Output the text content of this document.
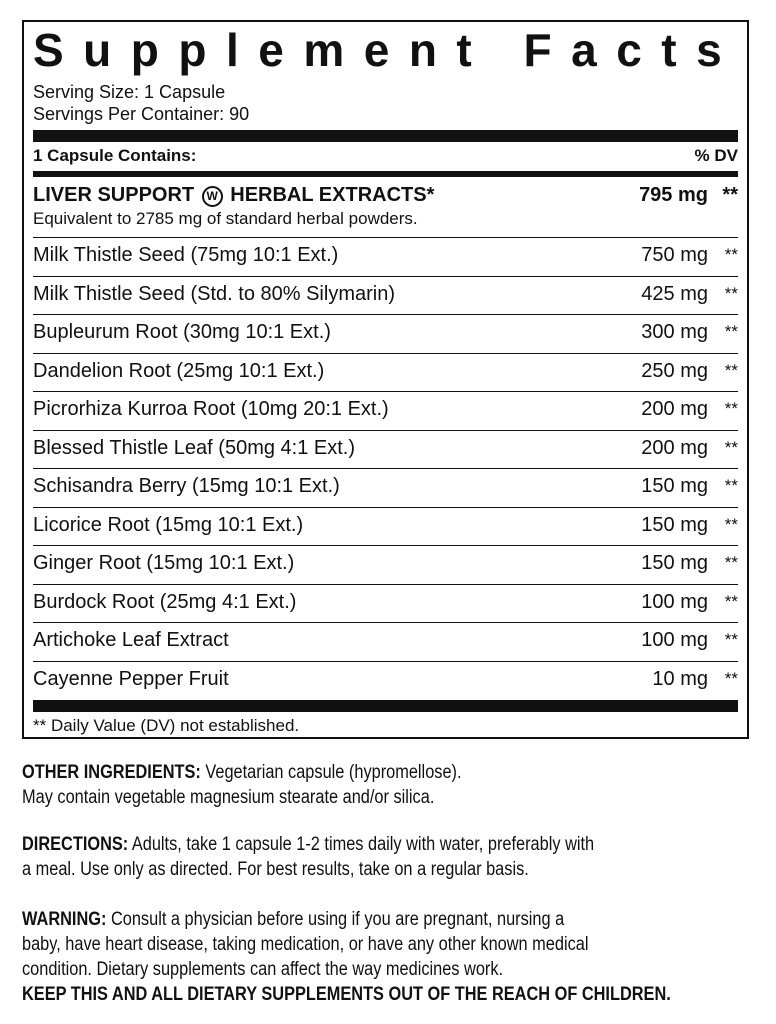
Supplement Facts
Serving Size: 1 Capsule
Servings Per Container: 90
1 Capsule Contains:	% DV
LIVER SUPPORT W HERBAL EXTRACTS*	795 mg **
Equivalent to 2785 mg of standard herbal powders.
Milk Thistle Seed (75mg 10:1 Ext.)	750 mg **
Milk Thistle Seed (Std. to 80% Silymarin)	425 mg **
Bupleurum Root (30mg 10:1 Ext.)	300 mg **
Dandelion Root (25mg 10:1 Ext.)	250 mg **
Picrorhiza Kurroa Root (10mg 20:1 Ext.)	200 mg **
Blessed Thistle Leaf (50mg 4:1 Ext.)	200 mg **
Schisandra Berry (15mg 10:1 Ext.)	150 mg **
Licorice Root (15mg 10:1 Ext.)	150 mg **
Ginger Root (15mg 10:1 Ext.)	150 mg **
Burdock Root (25mg 4:1 Ext.)	100 mg **
Artichoke Leaf Extract	100 mg **
Cayenne Pepper Fruit	10 mg **
** Daily Value (DV) not established.
OTHER INGREDIENTS: Vegetarian capsule (hypromellose).
May contain vegetable magnesium stearate and/or silica.
DIRECTIONS: Adults, take 1 capsule 1-2 times daily with water, preferably with
a meal. Use only as directed. For best results, take on a regular basis.
WARNING: Consult a physician before using if you are pregnant, nursing a
baby, have heart disease, taking medication, or have any other known medical
condition. Dietary supplements can affect the way medicines work.
KEEP THIS AND ALL DIETARY SUPPLEMENTS OUT OF THE REACH OF CHILDREN.
